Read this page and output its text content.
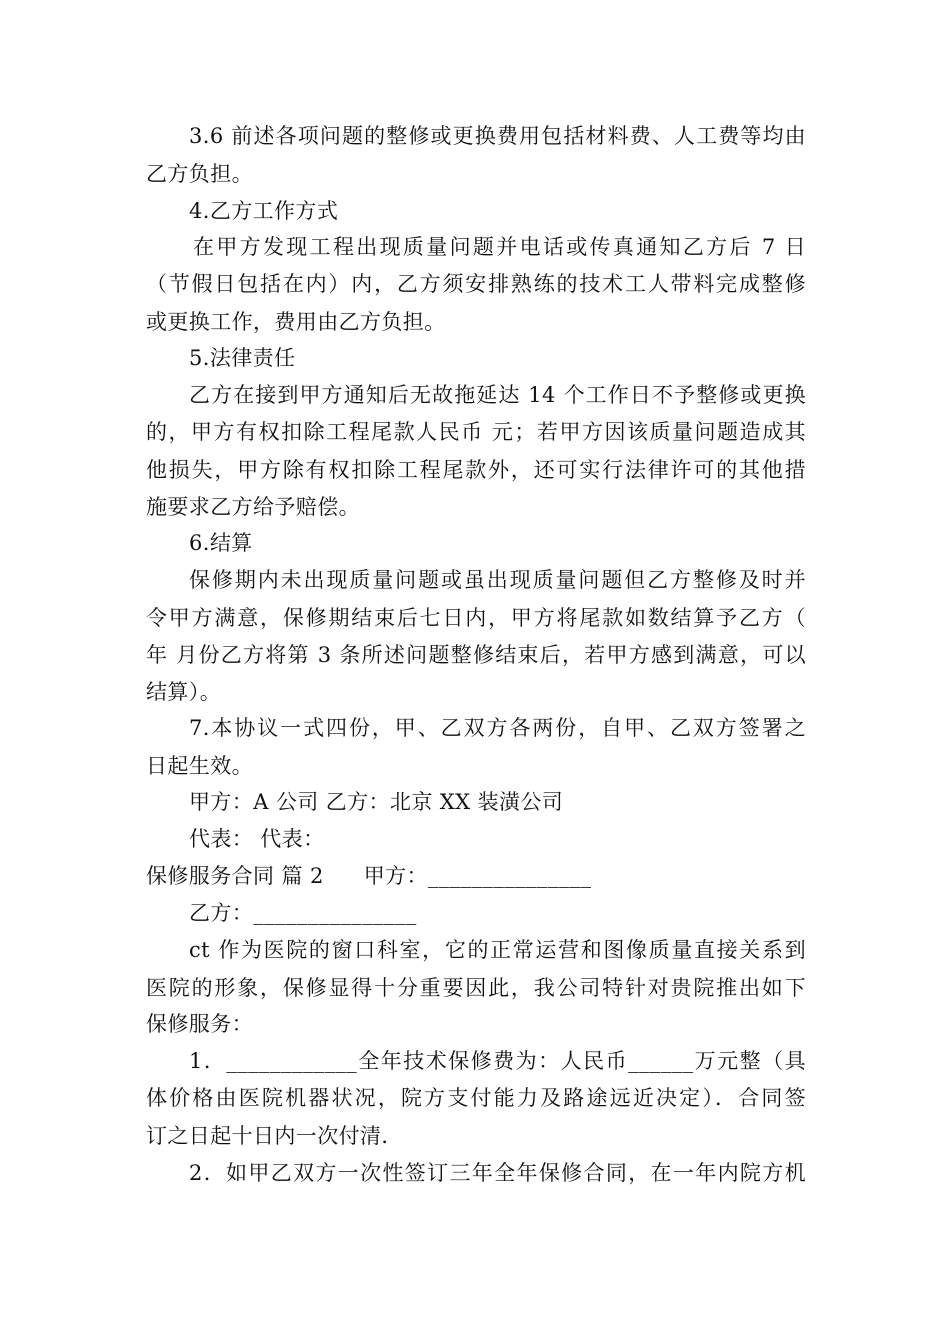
3.6 前述各项问题的整修或更换费用包括材料费、人工费等均由
乙方负担。
4.乙方工作方式
在甲方发现工程出现质量问题并电话或传真通知乙方后 7 日
（节假日包括在内）内，乙方须安排熟练的技术工人带料完成整修
或更换工作，费用由乙方负担。
5.法律责任
乙方在接到甲方通知后无故拖延达 14 个工作日不予整修或更换
的，甲方有权扣除工程尾款人民币 元；若甲方因该质量问题造成其
他损失，甲方除有权扣除工程尾款外，还可实行法律许可的其他措
施要求乙方给予赔偿。
6.结算
保修期内未出现质量问题或虽出现质量问题但乙方整修及时并
令甲方满意，保修期结束后七日内，甲方将尾款如数结算予乙方（
年 月份乙方将第 3 条所述问题整修结束后，若甲方感到满意，可以
结算）。
7.本协议一式四份，甲、乙双方各两份，自甲、乙双方签署之
日起生效。
甲方：A 公司 乙方：北京 XX 装潢公司
代表： 代表：
保修服务合同 篇 2 甲方：_______________
乙方：_______________
ct 作为医院的窗口科室，它的正常运营和图像质量直接关系到
医院的形象，保修显得十分重要因此，我公司特针对贵院推出如下
保修服务：
1．____________全年技术保修费为：人民币______万元整（具
体价格由医院机器状况，院方支付能力及路途远近决定）．合同签
订之日起十日内一次付清．
2．如甲乙双方一次性签订三年全年保修合同，在一年内院方机
